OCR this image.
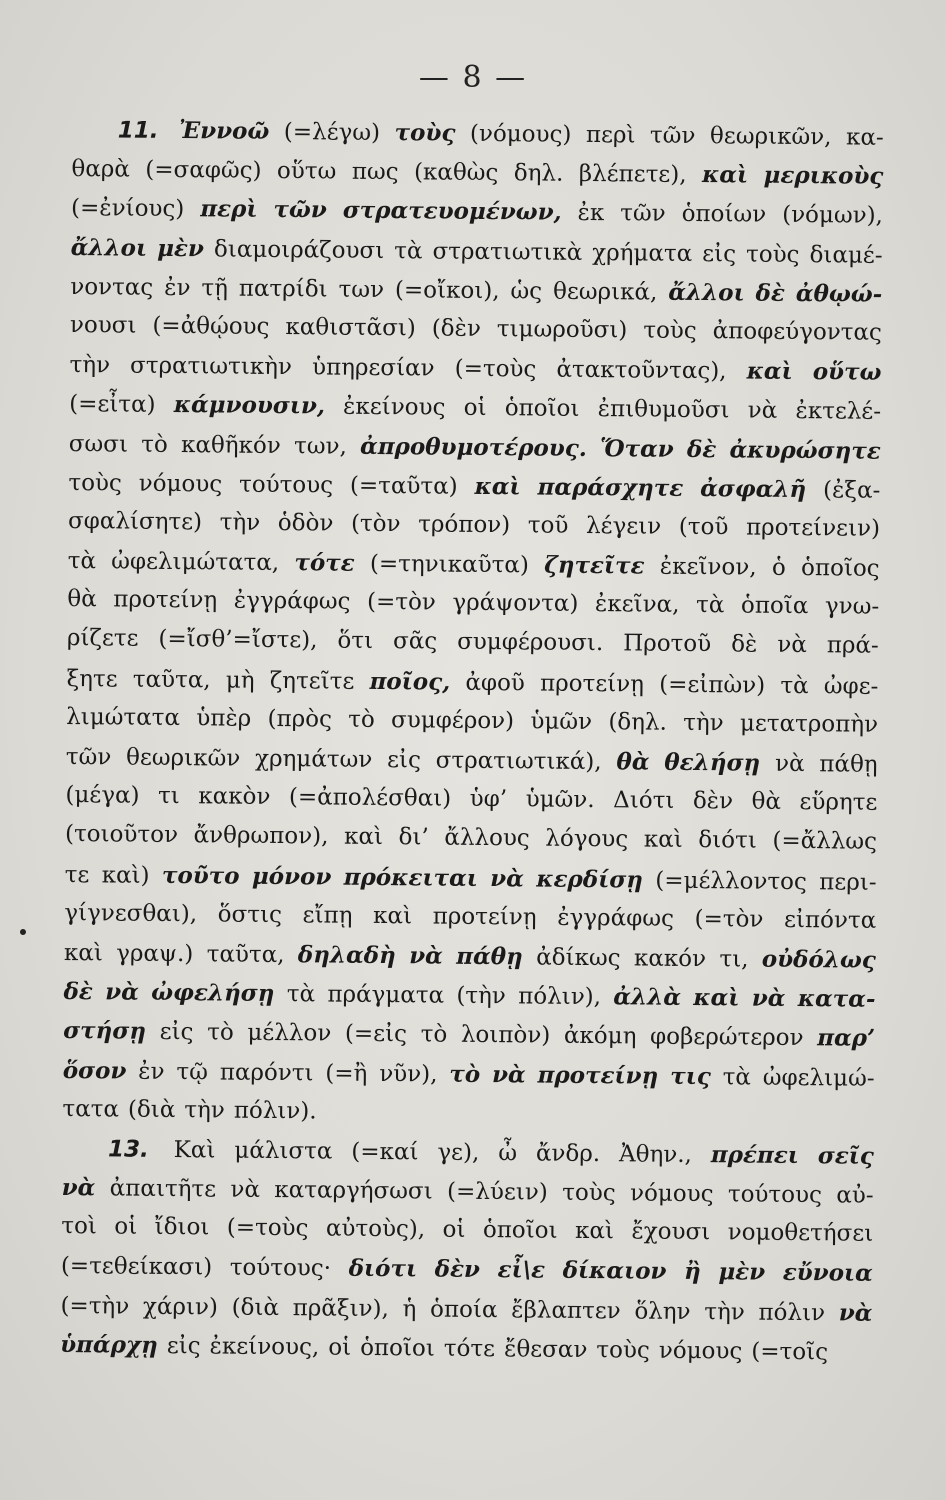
— 8 —
11. Ἐννοῶ (=λέγω) τοὺς (νόμους) περὶ τῶν θεωρικῶν, κα-
θαρὰ (=σαφῶς) οὕτω πως (καθὼς δηλ. βλέπετε), καὶ μερικοὺς
(=ἐνίους) περὶ τῶν στρατευομένων, ἐκ τῶν ὁποίων (νόμων),
ἄλλοι μὲν διαμοιράζουσι τὰ στρατιωτικὰ χρήματα εἰς τοὺς διαμέ-
νοντας ἐν τῇ πατρίδι των (=οἴκοι), ὡς θεωρικά, ἄλλοι δὲ ἀθῳώ-
νουσι (=ἀθῴους καθιστᾶσι) (δὲν τιμωροῦσι) τοὺς ἀποφεύγοντας
τὴν στρατιωτικὴν ὑπηρεσίαν (=τοὺς ἀτακτοῦντας), καὶ οὕτω
(=εἶτα) κάμνουσιν, ἐκείνους οἱ ὁποῖοι ἐπιθυμοῦσι νὰ ἐκτελέ-
σωσι τὸ καθῆκόν των, ἀπροθυμοτέρους. Ὅταν δὲ ἀκυρώσητε
τοὺς νόμους τούτους (=ταῦτα) καὶ παράσχητε ἀσφαλῆ (ἐξα-
σφαλίσητε) τὴν ὁδὸν (τὸν τρόπον) τοῦ λέγειν (τοῦ προτείνειν)
τὰ ὠφελιμώτατα, τότε (=τηνικαῦτα) ζητεῖτε ἐκεῖνον, ὁ ὁποῖος
θὰ προτείνῃ ἐγγράφως (=τὸν γράψοντα) ἐκεῖνα, τὰ ὁποῖα γνω-
ρίζετε (=ἴσθ’=ἴστε), ὅτι σᾶς συμφέρουσι. Προτοῦ δὲ νὰ πρά-
ξητε ταῦτα, μὴ ζητεῖτε ποῖος, ἀφοῦ προτείνῃ (=εἰπὼν) τὰ ὠφε-
λιμώτατα ὑπὲρ (πρὸς τὸ συμφέρον) ὑμῶν (δηλ. τὴν μετατροπὴν
τῶν θεωρικῶν χρημάτων εἰς στρατιωτικά), θὰ θελήσῃ νὰ πάθῃ
(μέγα) τι κακὸν (=ἀπολέσθαι) ὑφ’ ὑμῶν. Διότι δὲν θὰ εὕρητε
(τοιοῦτον ἄνθρωπον), καὶ δι’ ἄλλους λόγους καὶ διότι (=ἄλλως
τε καὶ) τοῦτο μόνον πρόκειται νὰ κερδίσῃ (=μέλλοντος περι-
γίγνεσθαι), ὅστις εἴπῃ καὶ προτείνῃ ἐγγράφως (=τὸν εἰπόντα
καὶ γραψ.) ταῦτα, δηλαδὴ νὰ πάθῃ ἀδίκως κακόν τι, οὐδόλως
δὲ νὰ ὠφελήσῃ τὰ πράγματα (τὴν πόλιν), ἀλλὰ καὶ νὰ κατα-
στήσῃ εἰς τὸ μέλλον (=εἰς τὸ λοιπὸν) ἀκόμη φοβερώτερον παρ’
ὅσον ἐν τῷ παρόντι (=ἢ νῦν), τὸ νὰ προτείνῃ τις τὰ ὠφελιμώ-
τατα (διὰ τὴν πόλιν).
13. Καὶ μάλιστα (=καί γε), ὦ ἄνδρ. Ἀθην., πρέπει σεῖς
νὰ ἀπαιτῆτε νὰ καταργήσωσι (=λύειν) τοὺς νόμους τούτους αὐ-
τοὶ οἱ ἴδιοι (=τοὺς αὐτοὺς), οἱ ὁποῖοι καὶ ἔχουσι νομοθετήσει
(=τεθείκασι) τούτους· διότι δὲν εἶ\ε δίκαιον ἢ μὲν εὔνοια
(=τὴν χάριν) (διὰ πρᾶξιν), ἡ ὁποία ἔβλαπτεν ὅλην τὴν πόλιν νὰ
ὑπάρχῃ εἰς ἐκείνους, οἱ ὁποῖοι τότε ἔθεσαν τοὺς νόμους (=τοῖς
